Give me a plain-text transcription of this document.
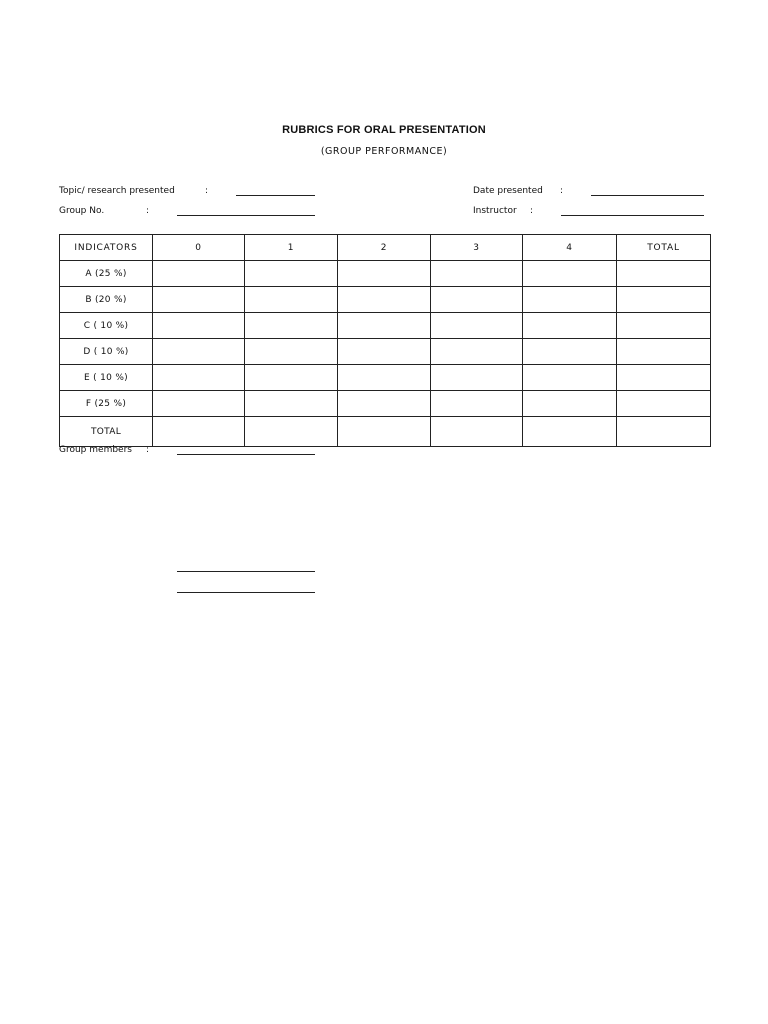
RUBRICS FOR ORAL PRESENTATION
(GROUP PERFORMANCE)
Topic/ research presented	:	Date presented :
Group No.	:	Instructor :
INDICATORS	0	1	2	3	4	TOTAL
A (25 %)						
B (20 %)						
C ( 10 %)						
D ( 10 %)						
E ( 10 %)						
F (25 %)						
TOTAL						
Group members :
